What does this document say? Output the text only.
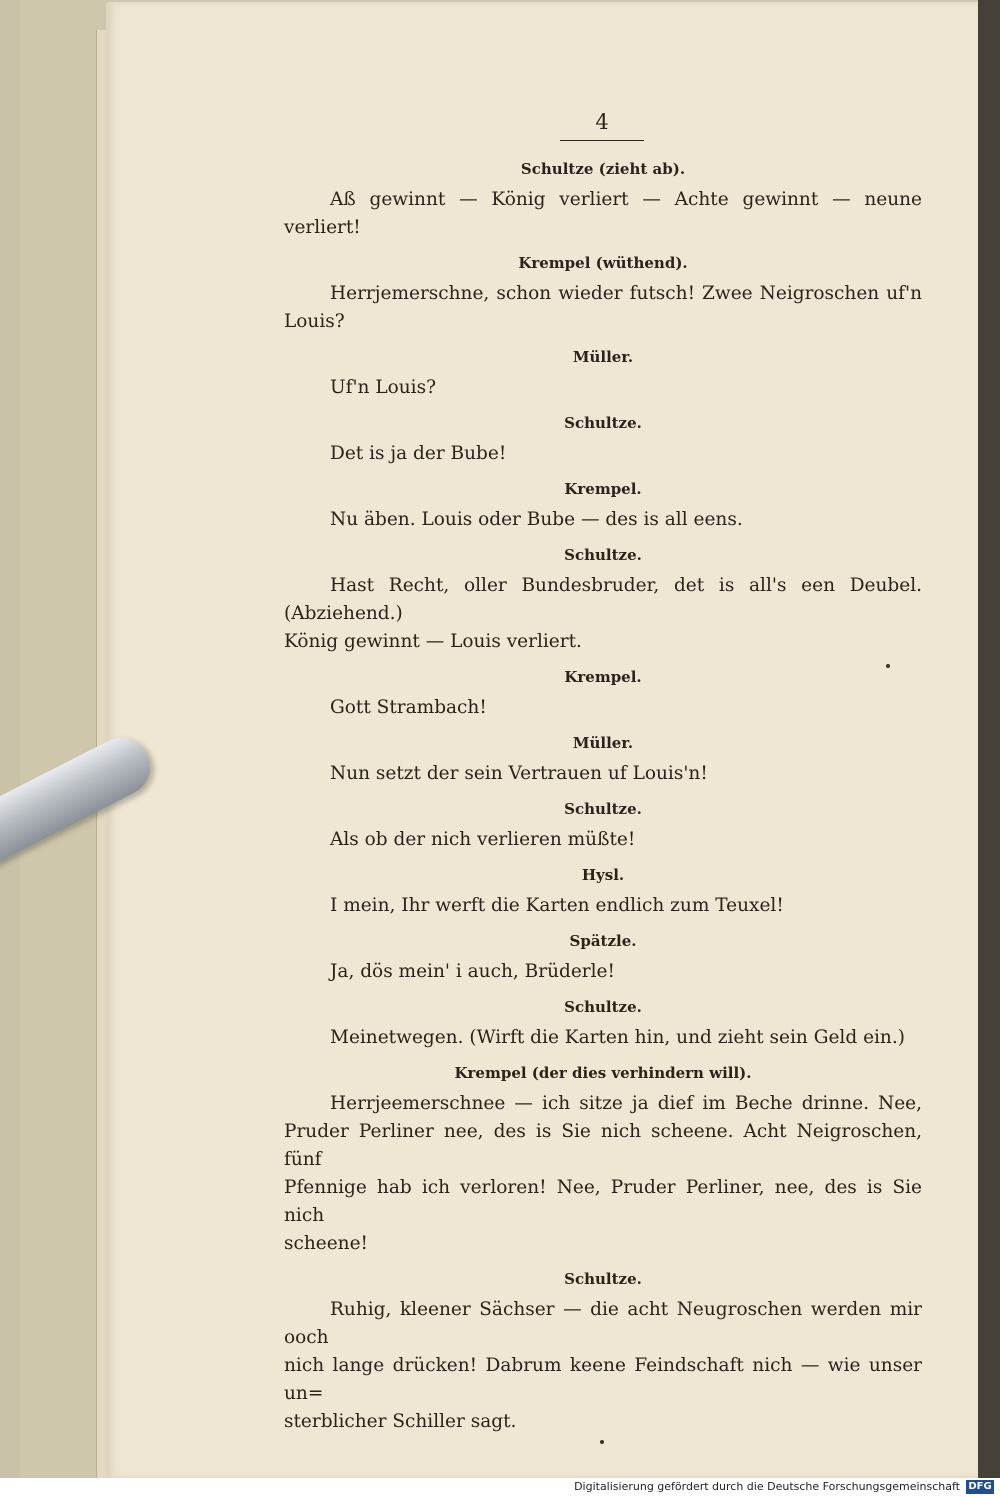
4

Schultze (zieht ab).

Aß gewinnt — König verliert — Achte gewinnt — neune

verliert!

Krempel (wüthend).

Herrjemerschne, schon wieder futsch! Zwee Neigroschen uf'n Louis?

Müller.

Uf'n Louis?

Schultze.

Det is ja der Bube!

Krempel.

Nu äben. Louis oder Bube — des is all eens.

Schultze.

Hast Recht, oller Bundesbruder, det is all's een Deubel. (Abziehend.)

König gewinnt — Louis verliert.

Krempel.

Gott Strambach!

Müller.

Nun setzt der sein Vertrauen uf Louis'n!

Schultze.

Als ob der nich verlieren müßte!

Hysl.

I mein, Ihr werft die Karten endlich zum Teuxel!

Spätzle.

Ja, dös mein' i auch, Brüderle!

Schultze.

Meinetwegen. (Wirft die Karten hin, und zieht sein Geld ein.)

Krempel (der dies verhindern will).

Herrjeemerschnee — ich sitze ja dief im Beche drinne. Nee,

Pruder Perliner nee, des is Sie nich scheene. Acht Neigroschen, fünf

Pfennige hab ich verloren! Nee, Pruder Perliner, nee, des is Sie nich

scheene!

Schultze.

Ruhig, kleener Sächser — die acht Neugroschen werden mir ooch

nich lange drücken! Dabrum keene Feindschaft nich — wie unser un=

sterblicher Schiller sagt.

Digitalisierung gefördert durch die Deutsche Forschungsgemeinschaft DFG
